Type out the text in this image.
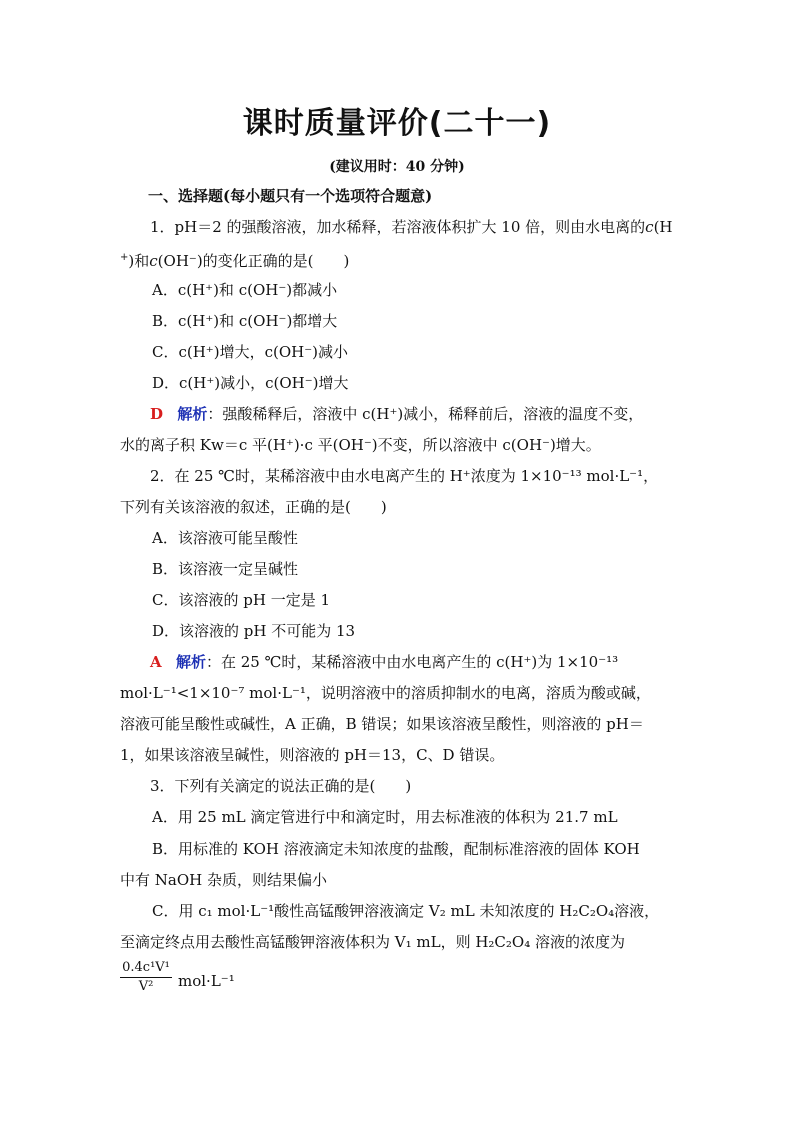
课时质量评价(二十一)
(建议用时：40 分钟)
一、选择题(每小题只有一个选项符合题意)
1．pH＝2 的强酸溶液，加水稀释，若溶液体积扩大 10 倍，则由水电离的c(H
+)和c(OH⁻)的变化正确的是(　　)
A．c(H⁺)和 c(OH⁻)都减小
B．c(H⁺)和 c(OH⁻)都增大
C．c(H⁺)增大，c(OH⁻)减小
D．c(H⁺)减小，c(OH⁻)增大
D 解析：强酸稀释后，溶液中 c(H⁺)减小，稀释前后，溶液的温度不变，
水的离子积 Kw＝c 平(H⁺)·c 平(OH⁻)不变，所以溶液中 c(OH⁻)增大。
2．在 25 ℃时，某稀溶液中由水电离产生的 H⁺浓度为 1×10⁻¹³ mol·L⁻¹，
下列有关该溶液的叙述，正确的是(　　)
A．该溶液可能呈酸性
B．该溶液一定呈碱性
C．该溶液的 pH 一定是 1
D．该溶液的 pH 不可能为 13
A 解析：在 25 ℃时，某稀溶液中由水电离产生的 c(H⁺)为 1×10⁻¹³
mol·L⁻¹<1×10⁻⁷ mol·L⁻¹，说明溶液中的溶质抑制水的电离，溶质为酸或碱，
溶液可能呈酸性或碱性，A 正确，B 错误；如果该溶液呈酸性，则溶液的 pH＝
1，如果该溶液呈碱性，则溶液的 pH＝13，C、D 错误。
3．下列有关滴定的说法正确的是(　　)
A．用 25 mL 滴定管进行中和滴定时，用去标准液的体积为 21.7 mL
B．用标准的 KOH 溶液滴定未知浓度的盐酸，配制标准溶液的固体 KOH
中有 NaOH 杂质，则结果偏小
C．用 c₁ mol·L⁻¹酸性高锰酸钾溶液滴定 V₂ mL 未知浓度的 H₂C₂O₄溶液，
至滴定终点用去酸性高锰酸钾溶液体积为 V₁ mL，则 H₂C₂O₄ 溶液的浓度为
$\frac{\text{0.4c¹V¹}}{\text{V²}} mol\cdot L^{-1}$
